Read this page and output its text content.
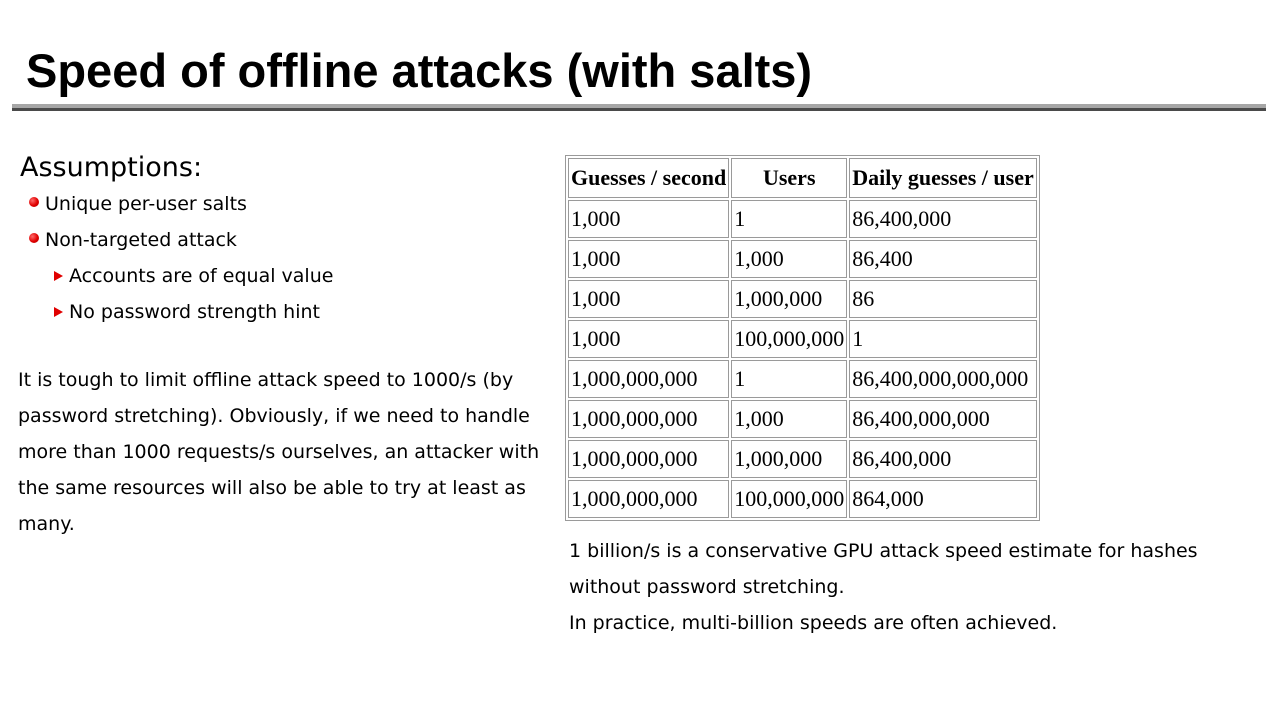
Speed of offline attacks (with salts)
Assumptions:
Unique per-user salts
Non-targeted attack
Accounts are of equal value
No password strength hint

It is tough to limit offline attack speed to 1000/s (by password stretching). Obviously, if we need to handle more than 1000 requests/s ourselves, an attacker with the same resources will also be able to try at least as many.

Guesses / second	Users	Daily guesses / user
1,000	1	86,400,000
1,000	1,000	86,400
1,000	1,000,000	86
1,000	100,000,000	1
1,000,000,000	1	86,400,000,000,000
1,000,000,000	1,000	86,400,000,000
1,000,000,000	1,000,000	86,400,000
1,000,000,000	100,000,000	864,000

1 billion/s is a conservative GPU attack speed estimate for hashes without password stretching.

In practice, multi-billion speeds are often achieved.
